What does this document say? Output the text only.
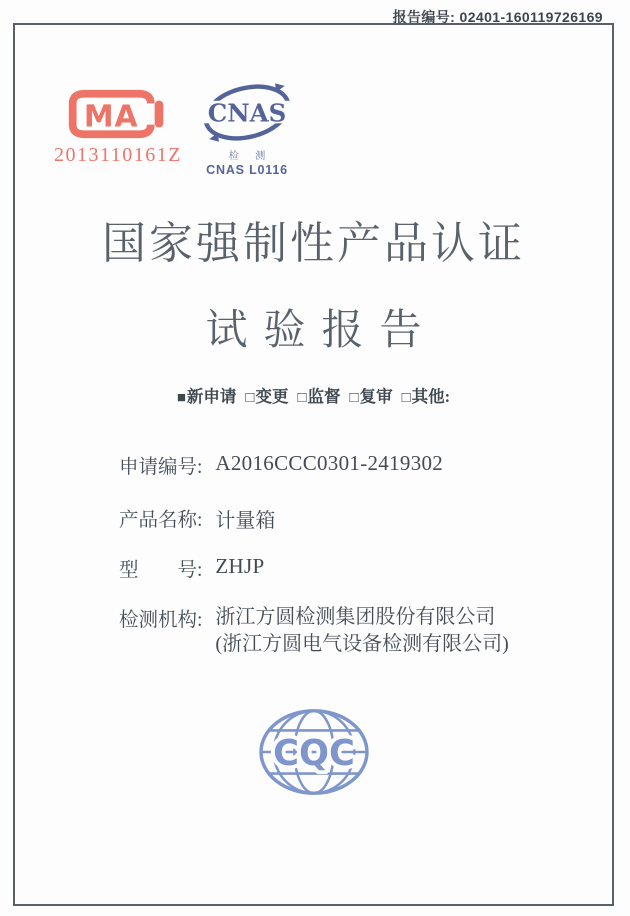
报告编号: 02401-160119726169
MA
2013110161Z
CNAS
检 测
CNAS L0116
国家强制性产品认证
试验报告
■ 新申请 □ 变更 □ 监督 □ 复审 □ 其他:
申请编号: A2016CCC0301-2419302
产品名称: 计量箱
型　　号: ZHJP
检测机构: 浙江方圆检测集团股份有限公司
(浙江方圆电气设备检测有限公司)
CQC
